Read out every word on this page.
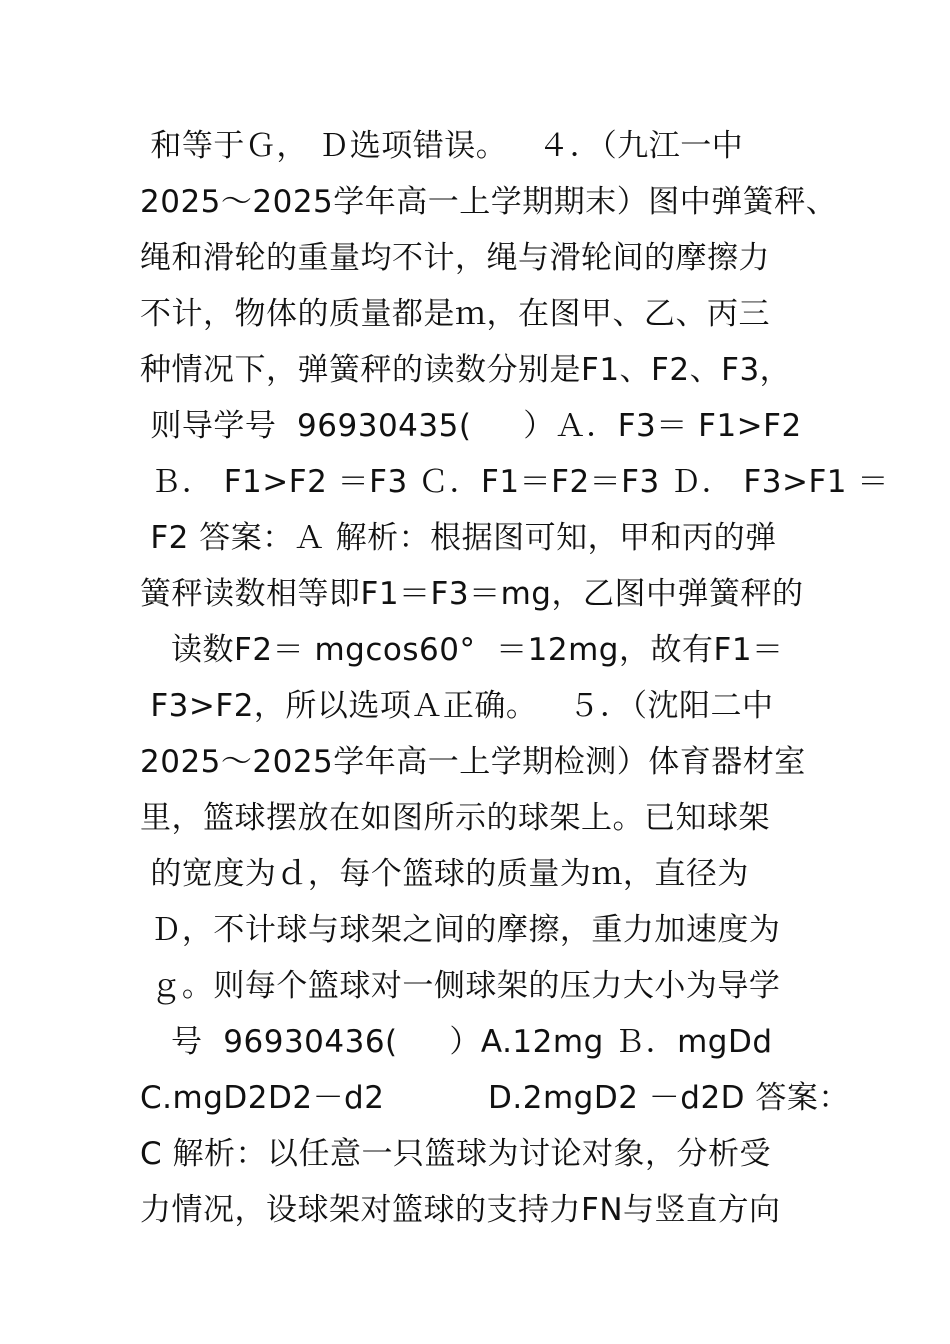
和等于Ｇ， Ｄ选项错误。   ４．（九江一中
2025～2025学年高一上学期期末）图中弹簧秤、
绳和滑轮的重量均不计，绳与滑轮间的摩擦力
不计，物体的质量都是ｍ，在图甲、乙、丙三
种情况下，弹簧秤的读数分别是F1、F2、F3，
则导学号  96930435(     ）Ａ．F3＝ F1>F2
Ｂ． F1>F2 ＝F3 Ｃ．F1＝F2＝F3 Ｄ． F3>F1 ＝
F2 答案：Ａ 解析：根据图可知，甲和丙的弹
簧秤读数相等即F1＝F3＝mg，乙图中弹簧秤的
读数F2＝ mgcos60°  ＝12mg，故有F1＝
F3>F2，所以选项Ａ正确。   ５．（沈阳二中
2025～2025学年高一上学期检测）体育器材室
里，篮球摆放在如图所示的球架上。已知球架
的宽度为ｄ，每个篮球的质量为ｍ，直径为
Ｄ，不计球与球架之间的摩擦，重力加速度为
ｇ。则每个篮球对一侧球架的压力大小为导学
号  96930436(     ）A.12mg Ｂ．mgDd
C.mgD2D2－d2          D.2mgD2 －d2D 答案：
C 解析：以任意一只篮球为讨论对象，分析受
力情况，设球架对篮球的支持力FN与竖直方向
